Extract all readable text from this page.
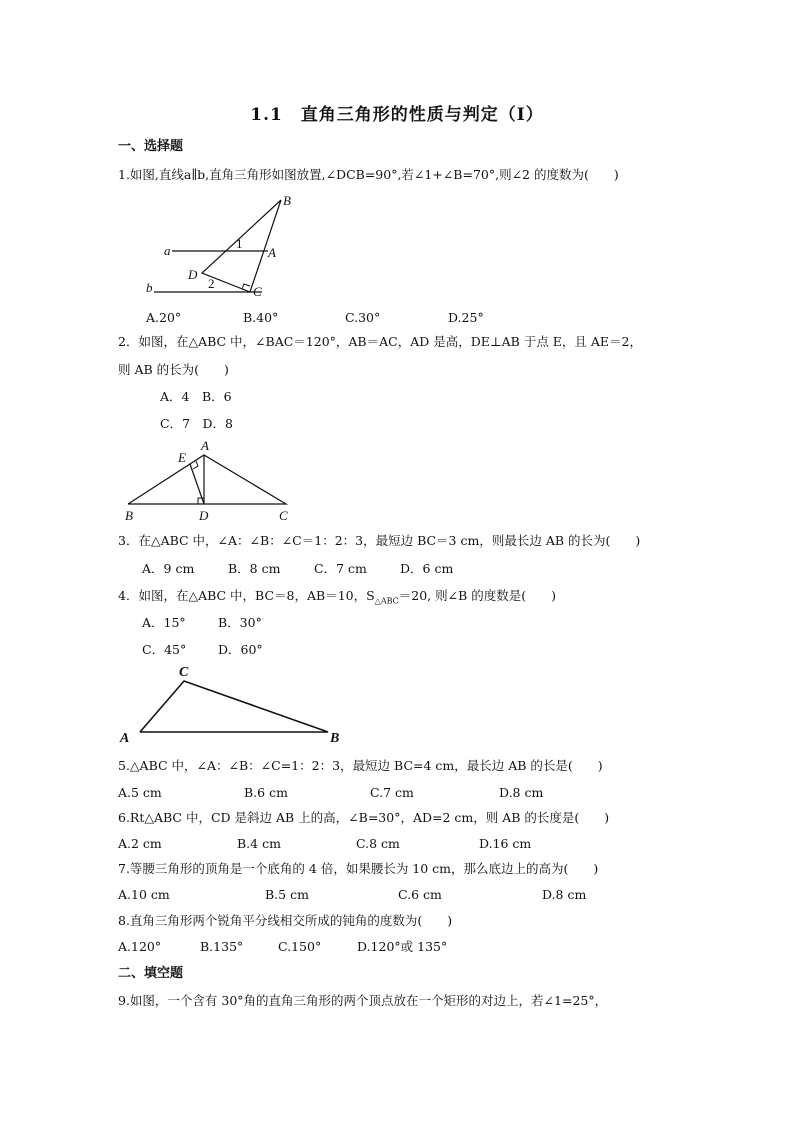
1.1　直角三角形的性质与判定（Ⅰ）
一、选择题
1.如图,直线a∥b,直角三角形如图放置,∠DCB=90°,若∠1+∠B=70°,则∠2 的度数为(　　)
a
b
B
A
D
C
1
2
A.20°	B.40°	C.30°	D.25°
2．如图，在△ABC 中，∠BAC＝120°，AB＝AC，AD 是高，DE⊥AB 于点 E，且 AE＝2，
则 AB 的长为(　　)
A．4　B．6
C．7　D．8
A
E
B	D	C
3．在△ABC 中，∠A：∠B：∠C＝1：2：3，最短边 BC＝3 cm，则最长边 AB 的长为(　　)
A．9 cm	B．8 cm	C．7 cm	D．6 cm
4．如图，在△ABC 中，BC＝8，AB＝10，$S_{\triangle ABC}=20$, 则∠B 的度数是(　　)
A．15°	B．30°
C．45°	D．60°
C
A	B
5.△ABC 中，∠A：∠B：∠C=1：2：3，最短边 BC=4 cm，最长边 AB 的长是(　　)
A.5 cm	B.6 cm	C.7 cm	D.8 cm
6.Rt△ABC 中，CD 是斜边 AB 上的高，∠B=30°，AD=2 cm，则 AB 的长度是(　　)
A.2 cm	B.4 cm	C.8 cm	D.16 cm
7.等腰三角形的顶角是一个底角的 4 倍，如果腰长为 10 cm，那么底边上的高为(　　)
A.10 cm	B.5 cm	C.6 cm	D.8 cm
8.直角三角形两个锐角平分线相交所成的钝角的度数为(　　)
A.120°	B.135°	C.150°	D.120°或 135°
二、填空题
9.如图，一个含有 30°角的直角三角形的两个顶点放在一个矩形的对边上，若∠1=25°，
